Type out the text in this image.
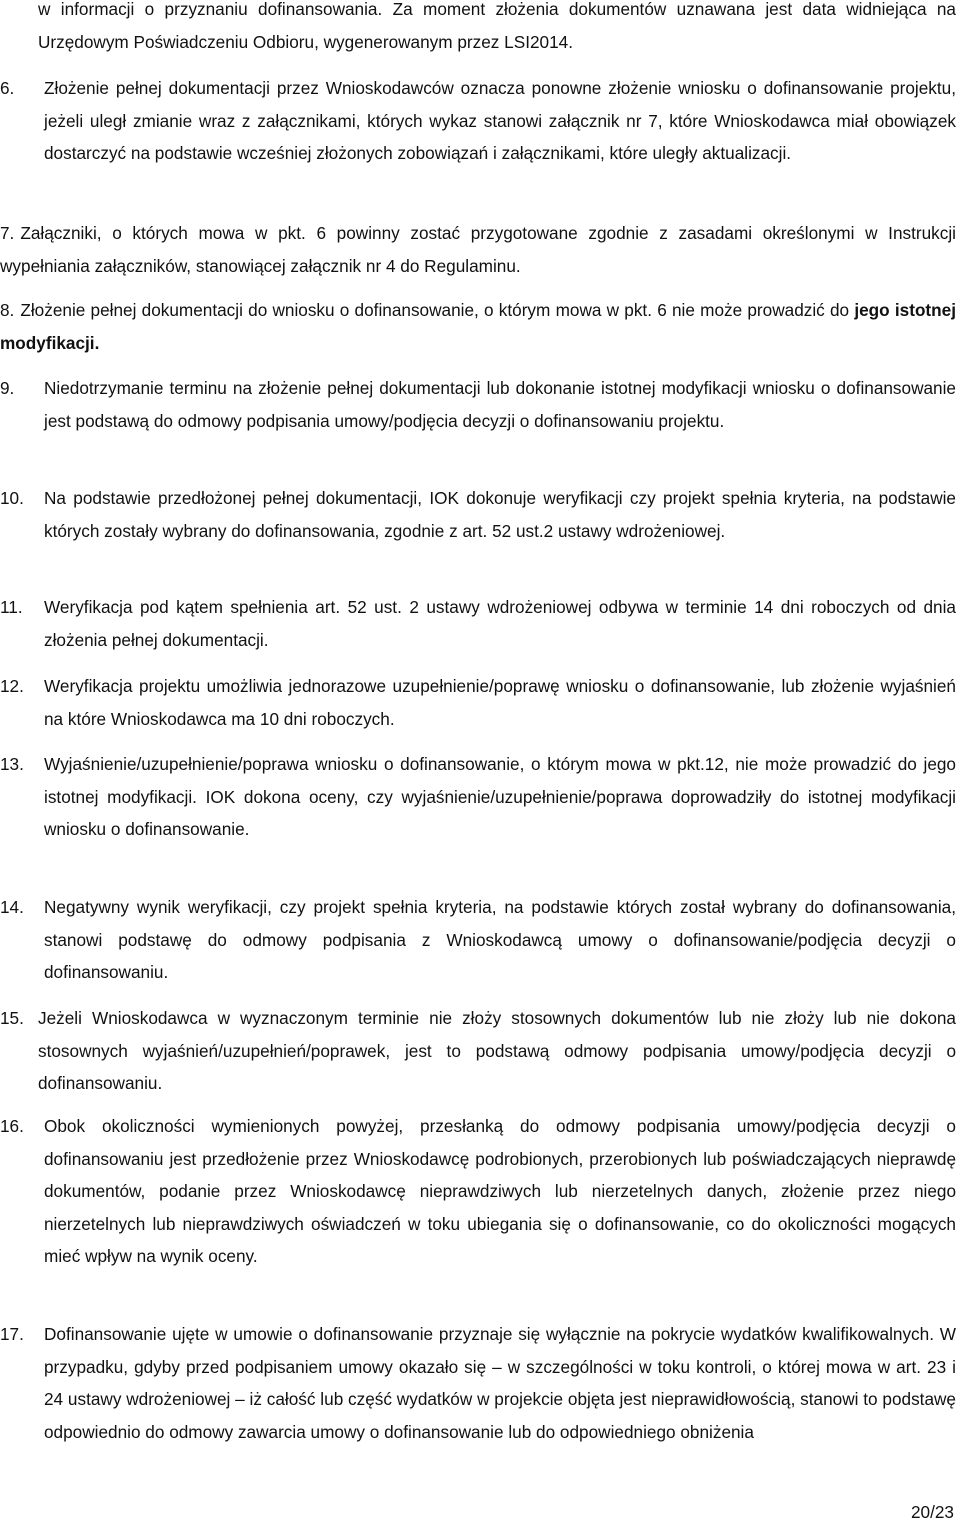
w informacji o przyznaniu dofinansowania. Za moment złożenia dokumentów uznawana jest data widniejąca na Urzędowym Poświadczeniu Odbioru, wygenerowanym przez LSI2014.

6.	Złożenie pełnej dokumentacji przez Wnioskodawców oznacza ponowne złożenie wniosku o dofinansowanie projektu, jeżeli uległ zmianie wraz z załącznikami, których wykaz stanowi załącznik nr 7, które Wnioskodawca miał obowiązek dostarczyć na podstawie wcześniej złożonych zobowiązań i załącznikami, które uległy aktualizacji.

7. Załączniki, o których mowa w pkt. 6 powinny zostać przygotowane zgodnie z zasadami określonymi w Instrukcji wypełniania załączników, stanowiącej załącznik nr 4 do Regulaminu.

8. Złożenie pełnej dokumentacji do wniosku o dofinansowanie, o którym mowa w pkt. 6 nie może prowadzić do jego istotnej modyfikacji.

9.	Niedotrzymanie terminu na złożenie pełnej dokumentacji lub dokonanie istotnej modyfikacji wniosku o dofinansowanie jest podstawą do odmowy podpisania umowy/podjęcia decyzji o dofinansowaniu projektu.

10.	Na podstawie przedłożonej pełnej dokumentacji, IOK dokonuje weryfikacji czy projekt spełnia kryteria, na podstawie których zostały wybrany do dofinansowania, zgodnie z art. 52 ust.2 ustawy wdrożeniowej.

11.	Weryfikacja pod kątem spełnienia art. 52 ust. 2 ustawy wdrożeniowej odbywa w terminie 14 dni roboczych od dnia złożenia pełnej dokumentacji.

12.	Weryfikacja projektu umożliwia jednorazowe uzupełnienie/poprawę wniosku o dofinansowanie, lub złożenie wyjaśnień na które Wnioskodawca ma 10 dni roboczych.

13.	Wyjaśnienie/uzupełnienie/poprawa wniosku o dofinansowanie, o którym mowa w pkt.12, nie może prowadzić do jego istotnej modyfikacji. IOK dokona oceny, czy wyjaśnienie/uzupełnienie/poprawa doprowadziły do istotnej modyfikacji wniosku o dofinansowanie.

14.	Negatywny wynik weryfikacji, czy projekt spełnia kryteria, na podstawie których został wybrany do dofinansowania, stanowi podstawę do odmowy podpisania z Wnioskodawcą umowy o dofinansowanie/podjęcia decyzji o dofinansowaniu.

15. Jeżeli Wnioskodawca w wyznaczonym terminie nie złoży stosownych dokumentów lub nie złoży lub nie dokona stosownych wyjaśnień/uzupełnień/poprawek, jest to podstawą odmowy podpisania umowy/podjęcia decyzji o dofinansowaniu.

16.	Obok okoliczności wymienionych powyżej, przesłanką do odmowy podpisania umowy/podjęcia decyzji o dofinansowaniu jest przedłożenie przez Wnioskodawcę podrobionych, przerobionych lub poświadczających nieprawdę dokumentów, podanie przez Wnioskodawcę nieprawdziwych lub nierzetelnych danych, złożenie przez niego nierzetelnych lub nieprawdziwych oświadczeń w toku ubiegania się o dofinansowanie, co do okoliczności mogących mieć wpływ na wynik oceny.

17.	Dofinansowanie ujęte w umowie o dofinansowanie przyznaje się wyłącznie na pokrycie wydatków kwalifikowalnych. W przypadku, gdyby przed podpisaniem umowy okazało się – w szczególności w toku kontroli, o której mowa w art. 23 i 24 ustawy wdrożeniowej – iż całość lub część wydatków w projekcie objęta jest nieprawidłowością, stanowi to podstawę odpowiednio do odmowy zawarcia umowy o dofinansowanie lub do odpowiedniego obniżenia

20/23
